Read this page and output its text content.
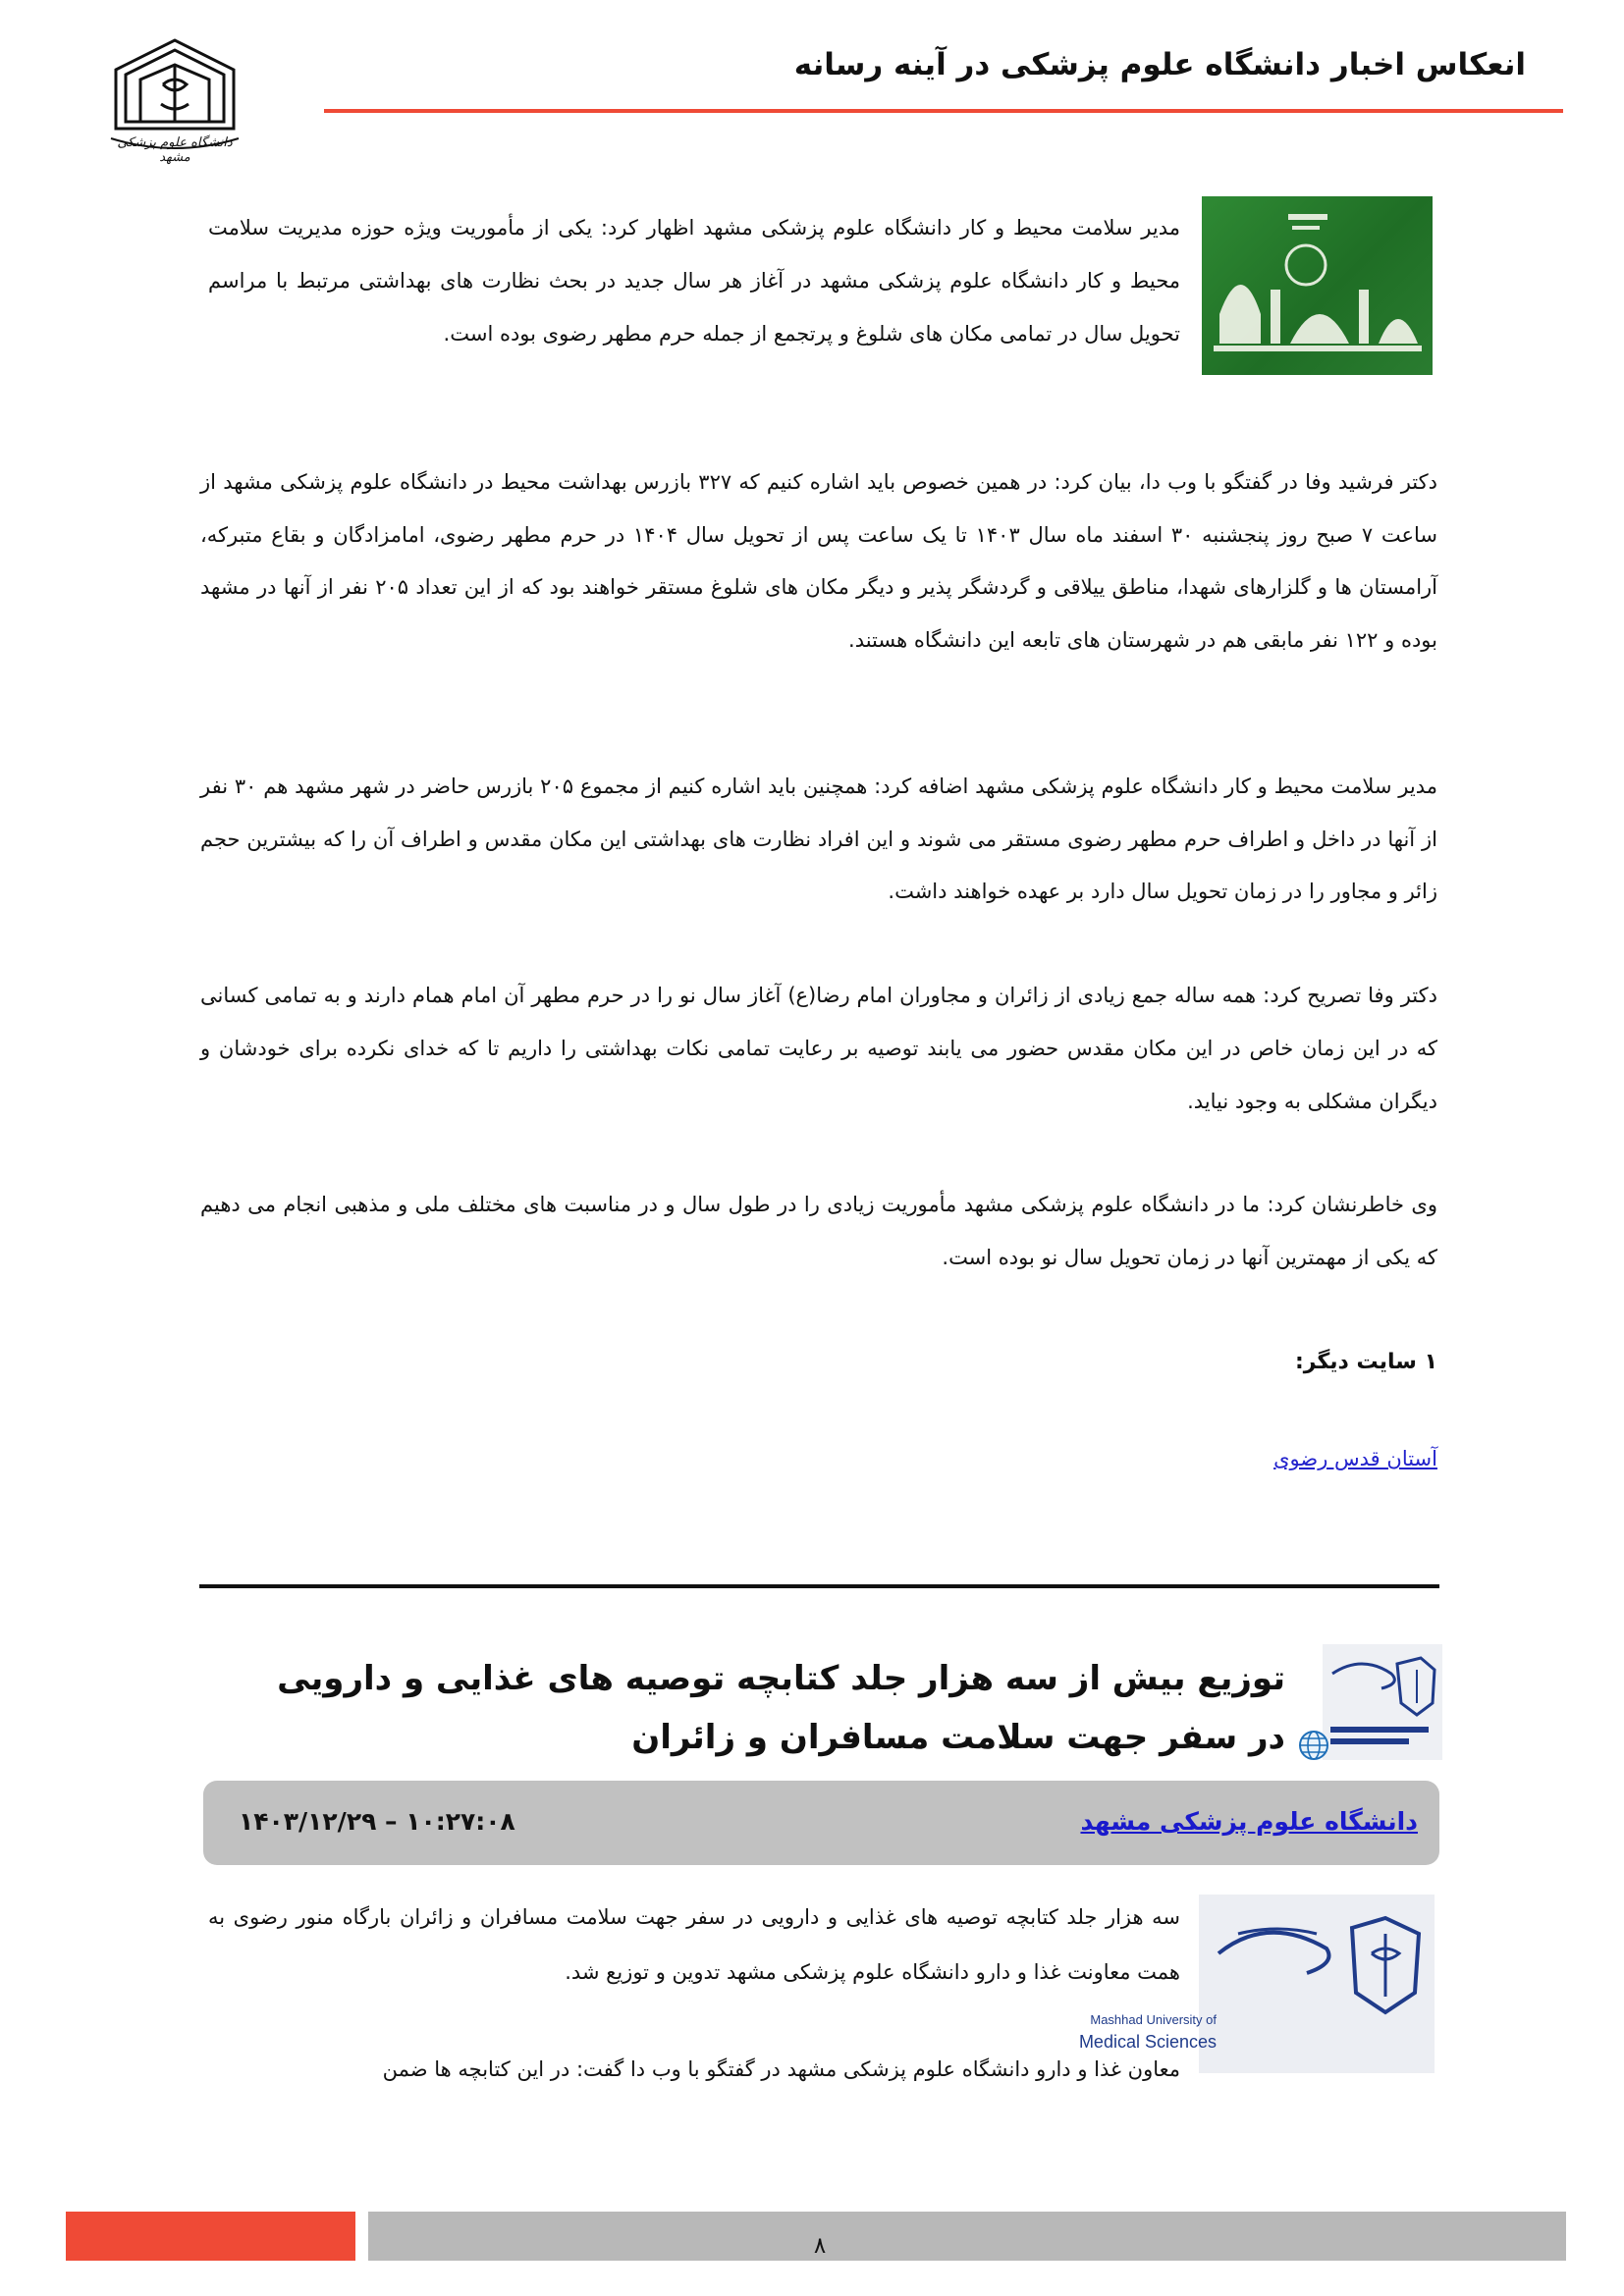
انعکاس اخبار دانشگاه علوم پزشکی در آینه رسانه
دانشگاه علوم پزشکی مشهد
مدیر سلامت محیط و کار دانشگاه علوم پزشکی مشهد اظهار کرد: یکی از مأموریت ویژه حوزه مدیریت سلامت محیط و کار دانشگاه علوم پزشکی مشهد در آغاز هر سال جدید در بحث نظارت های بهداشتی مرتبط با مراسم تحویل سال در تمامی مکان های شلوغ و پرتجمع از جمله حرم مطهر رضوی بوده است.
دکتر فرشید وفا در گفتگو با وب دا، بیان کرد: در همین خصوص باید اشاره کنیم که ۳۲۷ بازرس بهداشت محیط در دانشگاه علوم پزشکی مشهد از ساعت ۷ صبح روز پنجشنبه ۳۰ اسفند ماه سال ۱۴۰۳ تا یک ساعت پس از تحویل سال ۱۴۰۴ در حرم مطهر رضوی، امامزادگان و بقاع متبرکه، آرامستان ها و گلزارهای شهدا، مناطق ییلاقی و گردشگر پذیر و دیگر مکان های شلوغ مستقر خواهند بود که از این تعداد ۲۰۵ نفر از آنها در مشهد بوده و ۱۲۲ نفر مابقی هم در شهرستان های تابعه این دانشگاه هستند.
مدیر سلامت محیط و کار دانشگاه علوم پزشکی مشهد اضافه کرد: همچنین باید اشاره کنیم از مجموع ۲۰۵ بازرس حاضر در شهر مشهد هم ۳۰ نفر از آنها در داخل و اطراف حرم مطهر رضوی مستقر می شوند و این افراد نظارت های بهداشتی این مکان مقدس و اطراف آن را که بیشترین حجم زائر و مجاور را در زمان تحویل سال دارد بر عهده خواهند داشت.
دکتر وفا تصریح کرد: همه ساله جمع زیادی از زائران و مجاوران امام رضا(ع) آغاز سال نو را در حرم مطهر آن امام همام دارند و به تمامی کسانی که در این زمان خاص در این مکان مقدس حضور می یابند توصیه بر رعایت تمامی نکات بهداشتی را داریم تا که خدای نکرده برای خودشان و دیگران مشکلی به وجود نیاید.
وی خاطرنشان کرد: ما در دانشگاه علوم پزشکی مشهد مأموریت زیادی را در طول سال و در مناسبت های مختلف ملی و مذهبی انجام می دهیم که یکی از مهمترین آنها در زمان تحویل سال نو بوده است.
۱ سایت دیگر:
آستان قدس رضوی
توزیع بیش از سه هزار جلد کتابچه توصیه های غذایی و دارویی در سفر جهت سلامت مسافران و زائران
دانشگاه علوم پزشکی مشهد
۱۴۰۳/۱۲/۲۹ – ۱۰:۲۷:۰۸
Mashhad University of
Medical Sciences
سه هزار جلد کتابچه توصیه های غذایی و دارویی در سفر جهت سلامت مسافران و زائران بارگاه منور رضوی به همت معاونت غذا و دارو دانشگاه علوم پزشکی مشهد تدوین و توزیع شد.
معاون غذا و دارو دانشگاه علوم پزشکی مشهد در گفتگو با وب دا گفت: در این کتابچه ها ضمن
۸
